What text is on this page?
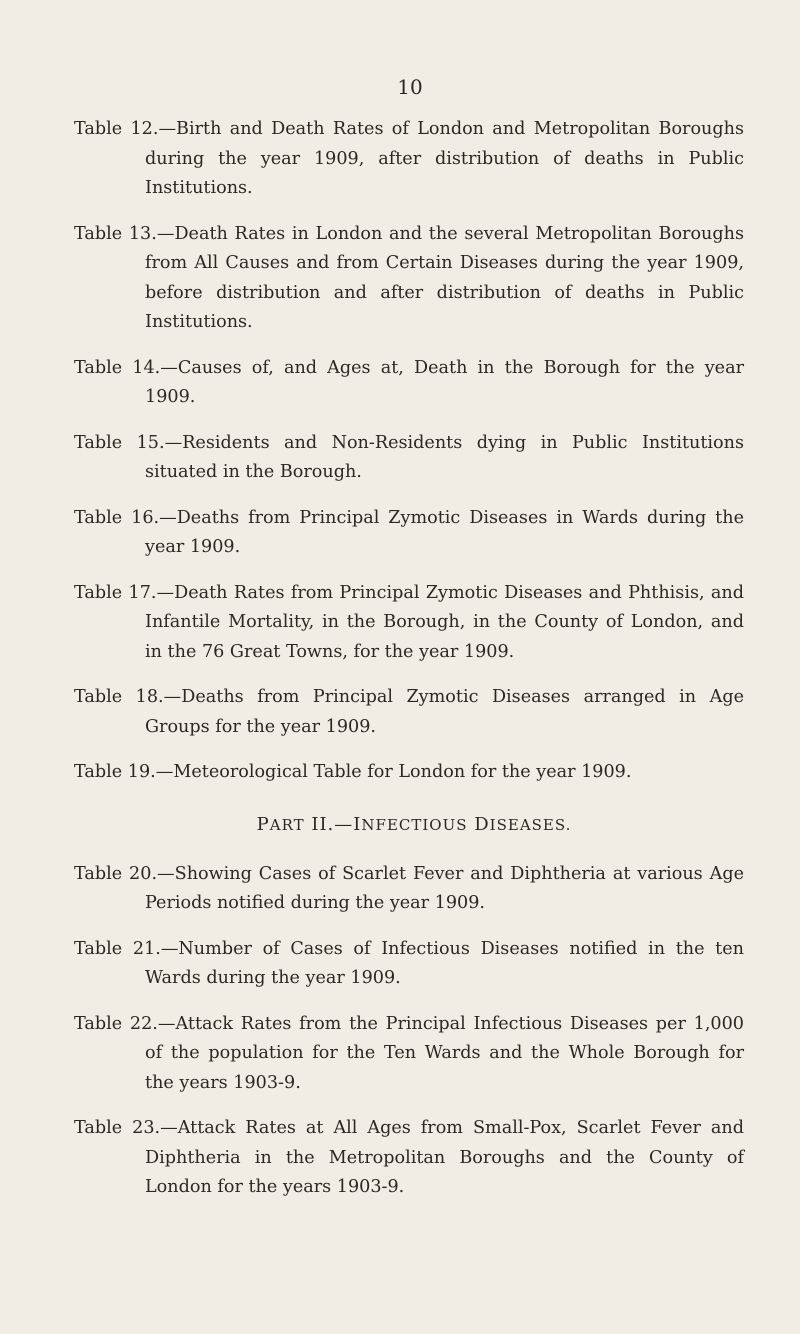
10

Table 12.—Birth and Death Rates of London and Metropolitan Boroughs during the year 1909, after distribution of deaths in Public Institutions.

Table 13.—Death Rates in London and the several Metropolitan Boroughs from All Causes and from Certain Diseases during the year 1909, before distribution and after distribution of deaths in Public Institutions.

Table 14.—Causes of, and Ages at, Death in the Borough for the year 1909.

Table 15.—Residents and Non-Residents dying in Public Institutions situated in the Borough.

Table 16.—Deaths from Principal Zymotic Diseases in Wards during the year 1909.

Table 17.—Death Rates from Principal Zymotic Diseases and Phthisis, and Infantile Mortality, in the Borough, in the County of London, and in the 76 Great Towns, for the year 1909.

Table 18.—Deaths from Principal Zymotic Diseases arranged in Age Groups for the year 1909.

Table 19.—Meteorological Table for London for the year 1909.

PART II.—INFECTIOUS DISEASES.

Table 20.—Showing Cases of Scarlet Fever and Diphtheria at various Age Periods notified during the year 1909.

Table 21.—Number of Cases of Infectious Diseases notified in the ten Wards during the year 1909.

Table 22.—Attack Rates from the Principal Infectious Diseases per 1,000 of the population for the Ten Wards and the Whole Borough for the years 1903-9.

Table 23.—Attack Rates at All Ages from Small-Pox, Scarlet Fever and Diphtheria in the Metropolitan Boroughs and the County of London for the years 1903-9.
